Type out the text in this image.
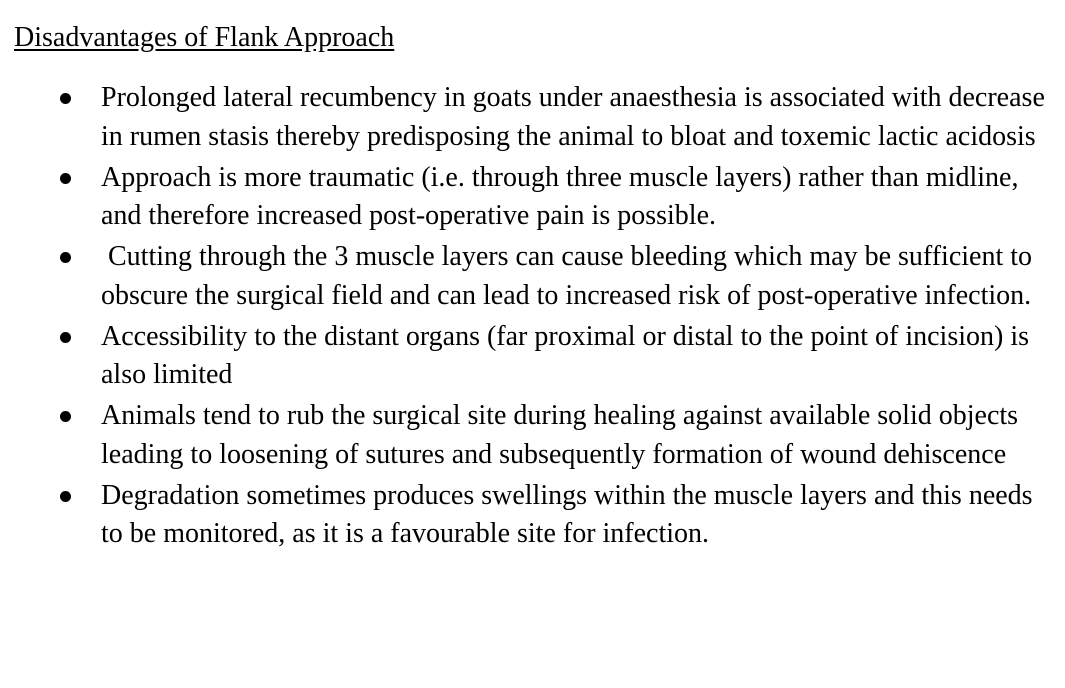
Disadvantages of Flank Approach
Prolonged lateral recumbency in goats under anaesthesia is associated with decrease in rumen stasis thereby predisposing the animal to bloat and toxemic lactic acidosis
Approach is more traumatic (i.e. through three muscle layers) rather than midline, and therefore increased post-operative pain is possible.
Cutting through the 3 muscle layers can cause bleeding which may be sufficient to obscure the surgical field and can lead to increased risk of post-operative infection.
Accessibility to the distant organs (far proximal or distal to the point of incision) is also limited
Animals tend to rub the surgical site during healing against available solid objects leading to loosening of sutures and subsequently formation of wound dehiscence
Degradation sometimes produces swellings within the muscle layers and this needs to be monitored, as it is a favourable site for infection.
